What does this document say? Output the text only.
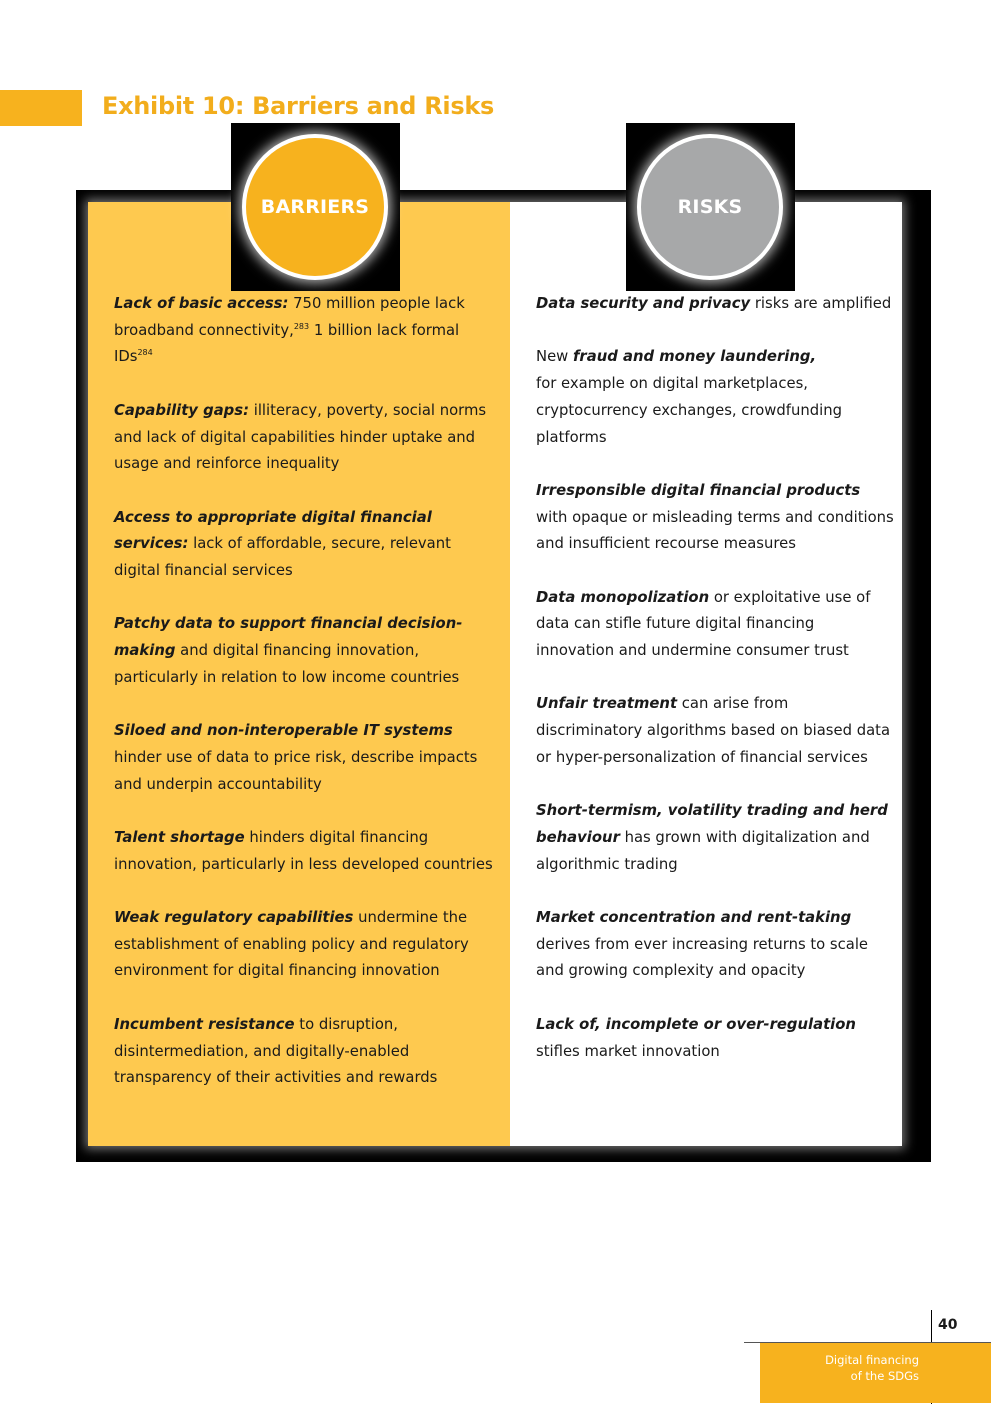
Exhibit 10: Barriers and Risks
BARRIERS	RISKS
Lack of basic access: 750 million people lack broadband connectivity,$^{283}$ 1 billion lack formal IDs$^{284}$
Capability gaps: illiteracy, poverty, social norms and lack of digital capabilities hinder uptake and usage and reinforce inequality
Access to appropriate digital financial services: lack of affordable, secure, relevant digital financial services
Patchy data to support financial decision-making and digital financing innovation, particularly in relation to low income countries
Siloed and non-interoperable IT systems hinder use of data to price risk, describe impacts and underpin accountability
Talent shortage hinders digital financing innovation, particularly in less developed countries
Weak regulatory capabilities undermine the establishment of enabling policy and regulatory environment for digital financing innovation
Incumbent resistance to disruption, disintermediation, and digitally-enabled transparency of their activities and rewards
Data security and privacy risks are amplified
New fraud and money laundering,
for example on digital marketplaces, cryptocurrency exchanges, crowdfunding platforms
Irresponsible digital financial products with opaque or misleading terms and conditions and insufficient recourse measures
Data monopolization or exploitative use of data can stifle future digital financing innovation and undermine consumer trust
Unfair treatment can arise from discriminatory algorithms based on biased data or hyper-personalization of financial services
Short-termism, volatility trading and herd behaviour has grown with digitalization and algorithmic trading
Market concentration and rent-taking derives from ever increasing returns to scale and growing complexity and opacity
Lack of, incomplete or over-regulation stifles market innovation
40
Digital financing
of the SDGs
